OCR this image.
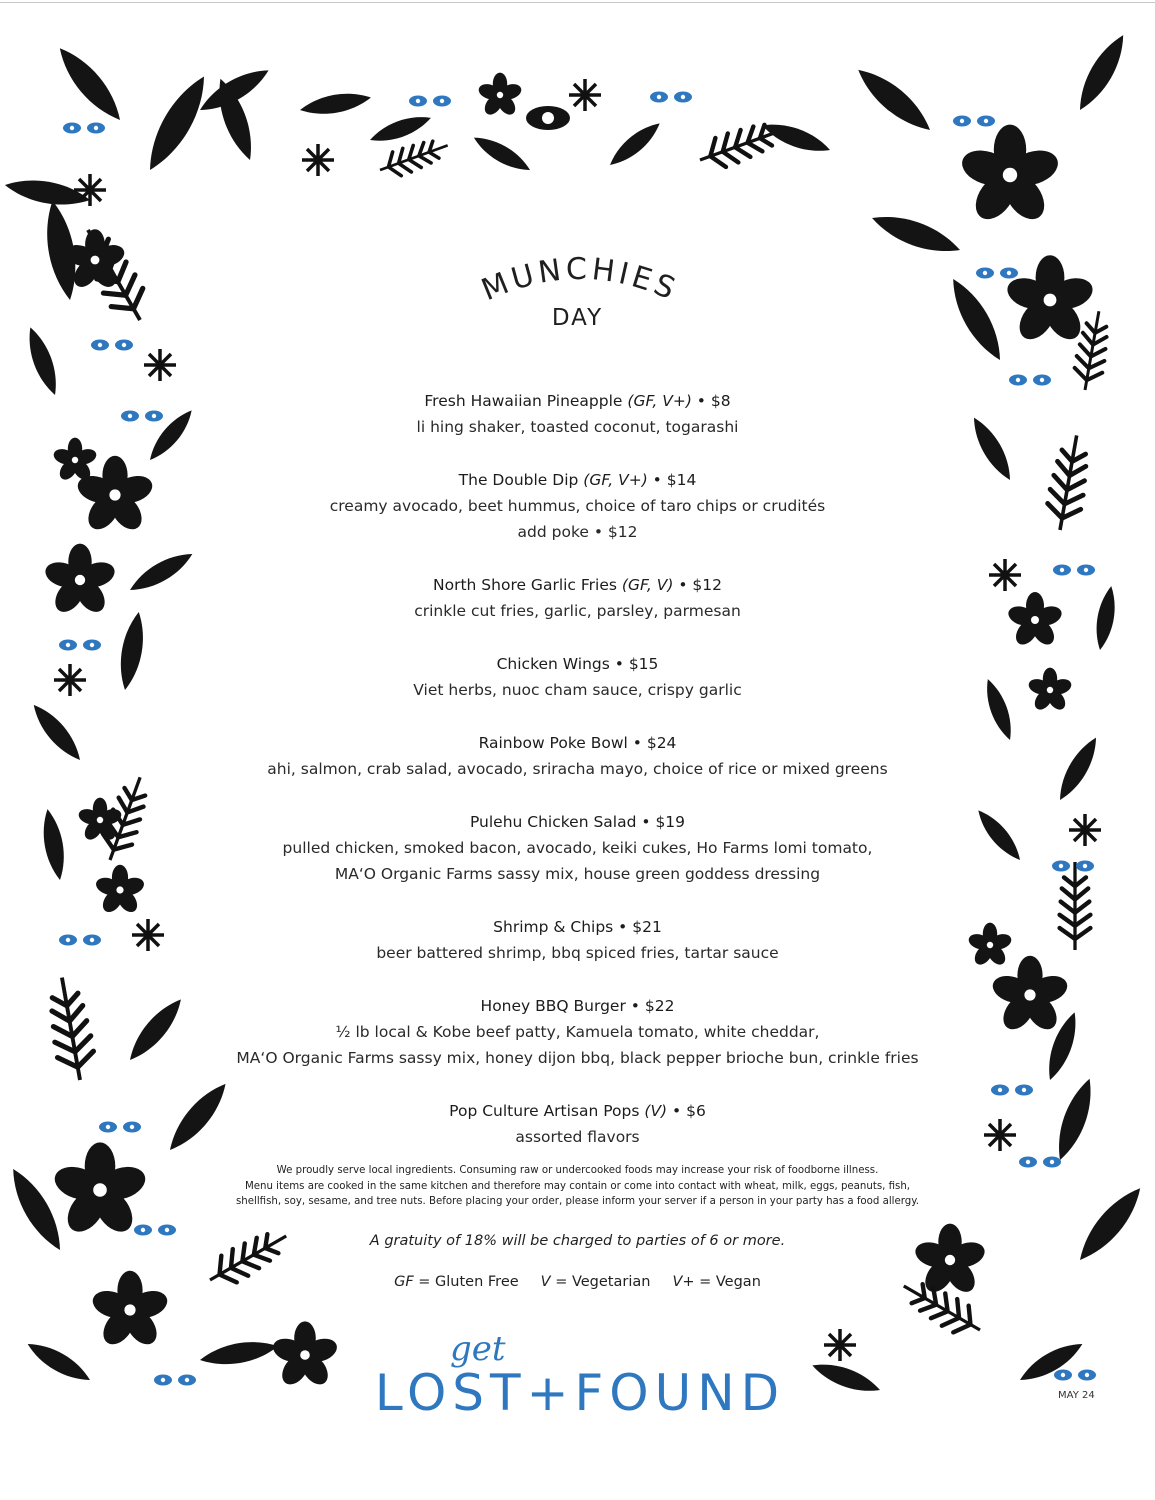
MUNCHIES
DAY
Fresh Hawaiian Pineapple (GF, V+) • $8
li hing shaker, toasted coconut, togarashi
The Double Dip (GF, V+) • $14
creamy avocado, beet hummus, choice of taro chips or crudités
add poke • $12
North Shore Garlic Fries (GF, V) • $12
crinkle cut fries, garlic, parsley, parmesan
Chicken Wings • $15
Viet herbs, nuoc cham sauce, crispy garlic
Rainbow Poke Bowl • $24
ahi, salmon, crab salad, avocado, sriracha mayo, choice of rice or mixed greens
Pulehu Chicken Salad • $19
pulled chicken, smoked bacon, avocado, keiki cukes, Ho Farms lomi tomato,
MA‘O Organic Farms sassy mix, house green goddess dressing
Shrimp & Chips • $21
beer battered shrimp, bbq spiced fries, tartar sauce
Honey BBQ Burger • $22
½ lb local & Kobe beef patty, Kamuela tomato, white cheddar,
MA‘O Organic Farms sassy mix, honey dijon bbq, black pepper brioche bun, crinkle fries
Pop Culture Artisan Pops (V) • $6
assorted flavors
We proudly serve local ingredients. Consuming raw or undercooked foods may increase your risk of foodborne illness.
Menu items are cooked in the same kitchen and therefore may contain or come into contact with wheat, milk, eggs, peanuts, fish,
shellfish, soy, sesame, and tree nuts. Before placing your order, please inform your server if a person in your party has a food allergy.
A gratuity of 18% will be charged to parties of 6 or more.
GF = Gluten Free V = Vegetarian V+ = Vegan
get
LOST+FOUND	MAY 24
